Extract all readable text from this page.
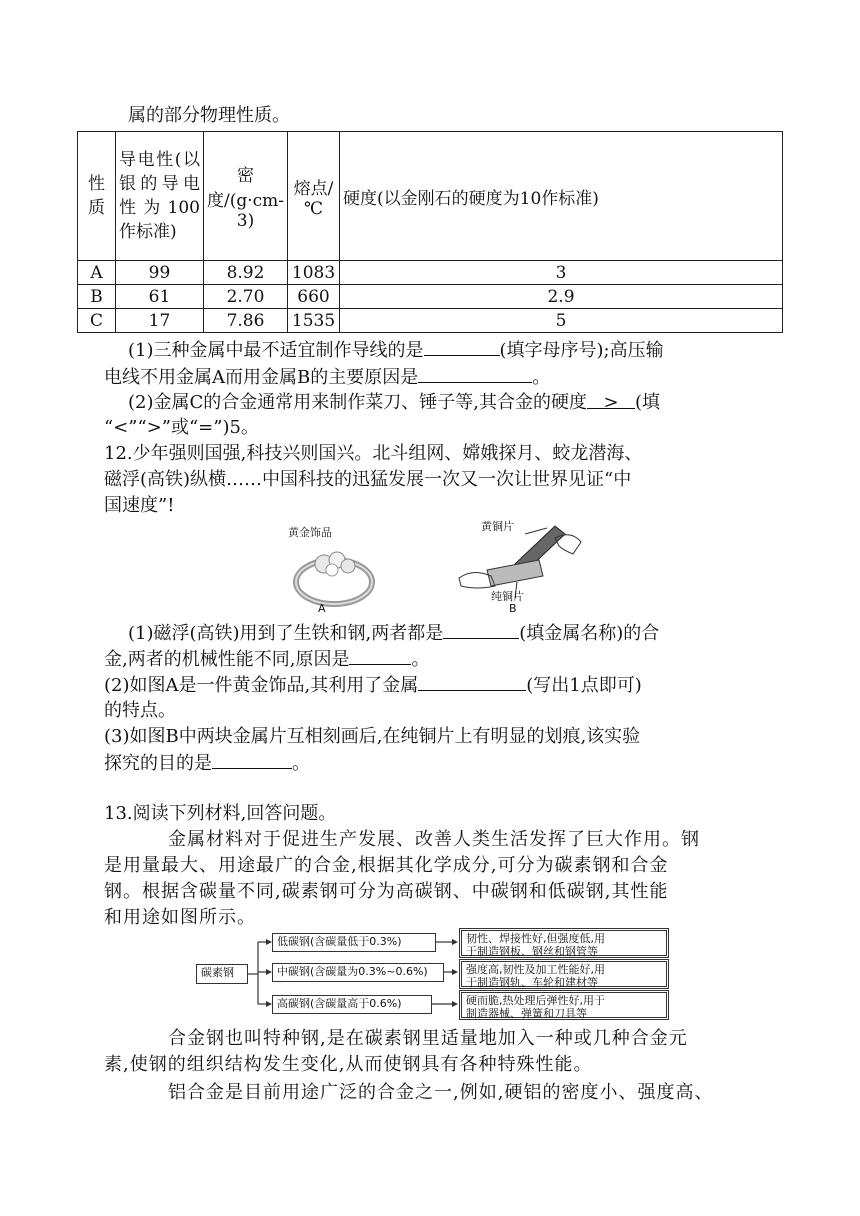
属的部分物理性质。
性质	导电性(以银的导电性为100作标准)	密度/(g·cm-3)	熔点/℃	硬度(以金刚石的硬度为10作标准)
A	99	8.92	1083	3
B	61	2.70	660	2.9
C	17	7.86	1535	5
(1)三种金属中最不适宜制作导线的是	(填字母序号);高压输
电线不用金属A而用金属B的主要原因是	。
(2)金属C的合金通常用来制作菜刀、锤子等,其合金的硬度 > (填
“<”“>”或“=”)5。
12.少年强则国强,科技兴则国兴。北斗组网、嫦娥探月、蛟龙潜海、
磁浮(高铁)纵横……中国科技的迅猛发展一次又一次让世界见证“中
国速度”!
黄金饰品
A
黄铜片
纯铜片
B
(1)磁浮(高铁)用到了生铁和钢,两者都是	(填金属名称)的合
金,两者的机械性能不同,原因是	。
(2)如图A是一件黄金饰品,其利用了金属	(写出1点即可)
的特点。
(3)如图B中两块金属片互相刻画后,在纯铜片上有明显的划痕,该实验
探究的目的是	。
13.阅读下列材料,回答问题。
金属材料对于促进生产发展、改善人类生活发挥了巨大作用。钢
是用量最大、用途最广的合金,根据其化学成分,可分为碳素钢和合金
钢。根据含碳量不同,碳素钢可分为高碳钢、中碳钢和低碳钢,其性能
和用途如图所示。
碳素钢
低碳钢(含碳量低于0.3%)
中碳钢(含碳量为0.3%~0.6%)
高碳钢(含碳量高于0.6%)
韧性、焊接性好,但强度低,用
于制造钢板、钢丝和钢管等
强度高,韧性及加工性能好,用
于制造钢轨、车轮和建材等
硬而脆,热处理后弹性好,用于
制造器械、弹簧和刀具等
合金钢也叫特种钢,是在碳素钢里适量地加入一种或几种合金元
素,使钢的组织结构发生变化,从而使钢具有各种特殊性能。
铝合金是目前用途广泛的合金之一,例如,硬铝的密度小、强度高、
